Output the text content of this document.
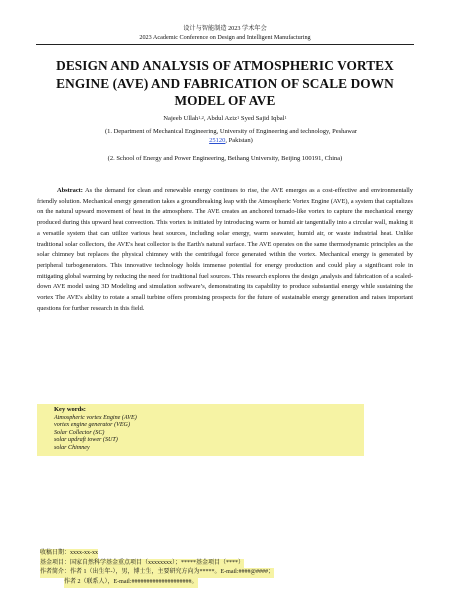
设计与智能制造 2023 学术年会
2023 Academic Conference on Design and Intelligent Manufacturing
DESIGN AND ANALYSIS OF ATMOSPHERIC VORTEX ENGINE (AVE) AND FABRICATION OF SCALE DOWN MODEL OF AVE
Najeeb Ullah$^{1,2}$, Abdul Aziz$^1$ Syed Sajid Iqbal$^1$
(1. Department of Mechanical Engineering, University of Engineering and technology, Peshawar
25120, Pakistan)
(2. School of Energy and Power Engineering, Beihang University, Beijing 100191, China)
Abstract: As the demand for clean and renewable energy continues to rise, the AVE emerges as a cost-effective and environmentally friendly solution. Mechanical energy generation takes a groundbreaking leap with the Atmospheric Vortex Engine (AVE), a system that capitalizes on the natural upward movement of heat in the atmosphere. The AVE creates an anchored tornado-like vortex to capture the mechanical energy produced during this upward heat convection. This vortex is initiated by introducing warm or humid air tangentially into a circular wall, making it a versatile system that can utilize various heat sources, including solar energy, warm seawater, humid air, or waste industrial heat. Unlike traditional solar collectors, the AVE's heat collector is the Earth's natural surface. The AVE operates on the same thermodynamic principles as the solar chimney but replaces the physical chimney with the centrifugal force generated within the vortex. Mechanical energy is generated by peripheral turbogenerators. This innovative technology holds immense potential for energy production and could play a significant role in mitigating global warming by reducing the need for traditional fuel sources. This research explores the design ,analysis and fabrication of a scaled-down AVE model using 3D Modeling and simulation software’s, demonstrating its capability to produce substantial energy while sustaining the vortex The AVE's ability to rotate a small turbine offers promising prospects for the future of sustainable energy generation and raises important questions for further research in this field.
Key words:
Atmospheric vortex Engine (AVE)
vortex engine generator (VEG)
Solar Collector (SC)
solar updraft tower (SUT)
solar Chimney
收稿日期：xxxx-xx-xx
基金项目：国家自然科学基金重点项目（xxxxxxxx）；*****基金项目（****）
作者简介：作者 1（出生年-），男，博士生，主要研究方向为*****。E-mail:####@####；
作者 2（联系人），E-mail:####################。
